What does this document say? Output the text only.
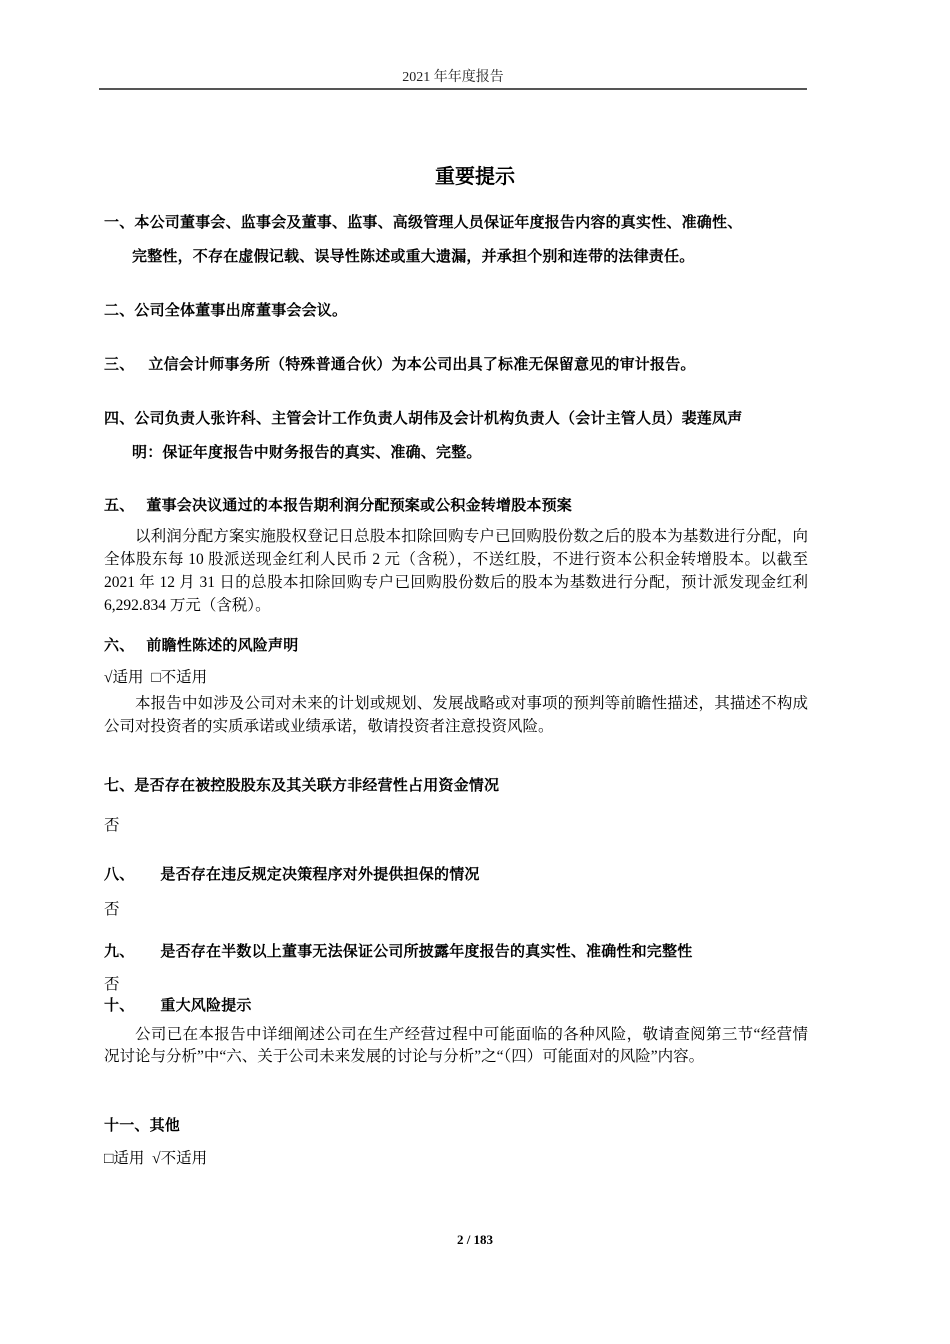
2021 年年度报告
重要提示
一、本公司董事会、监事会及董事、监事、高级管理人员保证年度报告内容的真实性、准确性、
完整性，不存在虚假记载、误导性陈述或重大遗漏，并承担个别和连带的法律责任。
二、公司全体董事出席董事会会议。
三、 立信会计师事务所（特殊普通合伙）为本公司出具了标准无保留意见的审计报告。
四、公司负责人张许科、主管会计工作负责人胡伟及会计机构负责人（会计主管人员）裴莲凤声
明：保证年度报告中财务报告的真实、准确、完整。
五、 董事会决议通过的本报告期利润分配预案或公积金转增股本预案
以利润分配方案实施股权登记日总股本扣除回购专户已回购股份数之后的股本为基数进行分配，向全体股东每 10 股派送现金红利人民币 2 元（含税），不送红股，不进行资本公积金转增股本。以截至 2021 年 12 月 31 日的总股本扣除回购专户已回购股份数后的股本为基数进行分配，预计派发现金红利 6,292.834 万元（含税）。
六、 前瞻性陈述的风险声明
√适用  □不适用
本报告中如涉及公司对未来的计划或规划、发展战略或对事项的预判等前瞻性描述，其描述不构成公司对投资者的实质承诺或业绩承诺，敬请投资者注意投资风险。
七、是否存在被控股股东及其关联方非经营性占用资金情况
否
八、 是否存在违反规定决策程序对外提供担保的情况
否
九、 是否存在半数以上董事无法保证公司所披露年度报告的真实性、准确性和完整性
否
十、 重大风险提示
公司已在本报告中详细阐述公司在生产经营过程中可能面临的各种风险，敬请查阅第三节“经营情况讨论与分析”中“六、关于公司未来发展的讨论与分析”之“（四）可能面对的风险”内容。
十一、其他
□适用  √不适用
2 / 183
